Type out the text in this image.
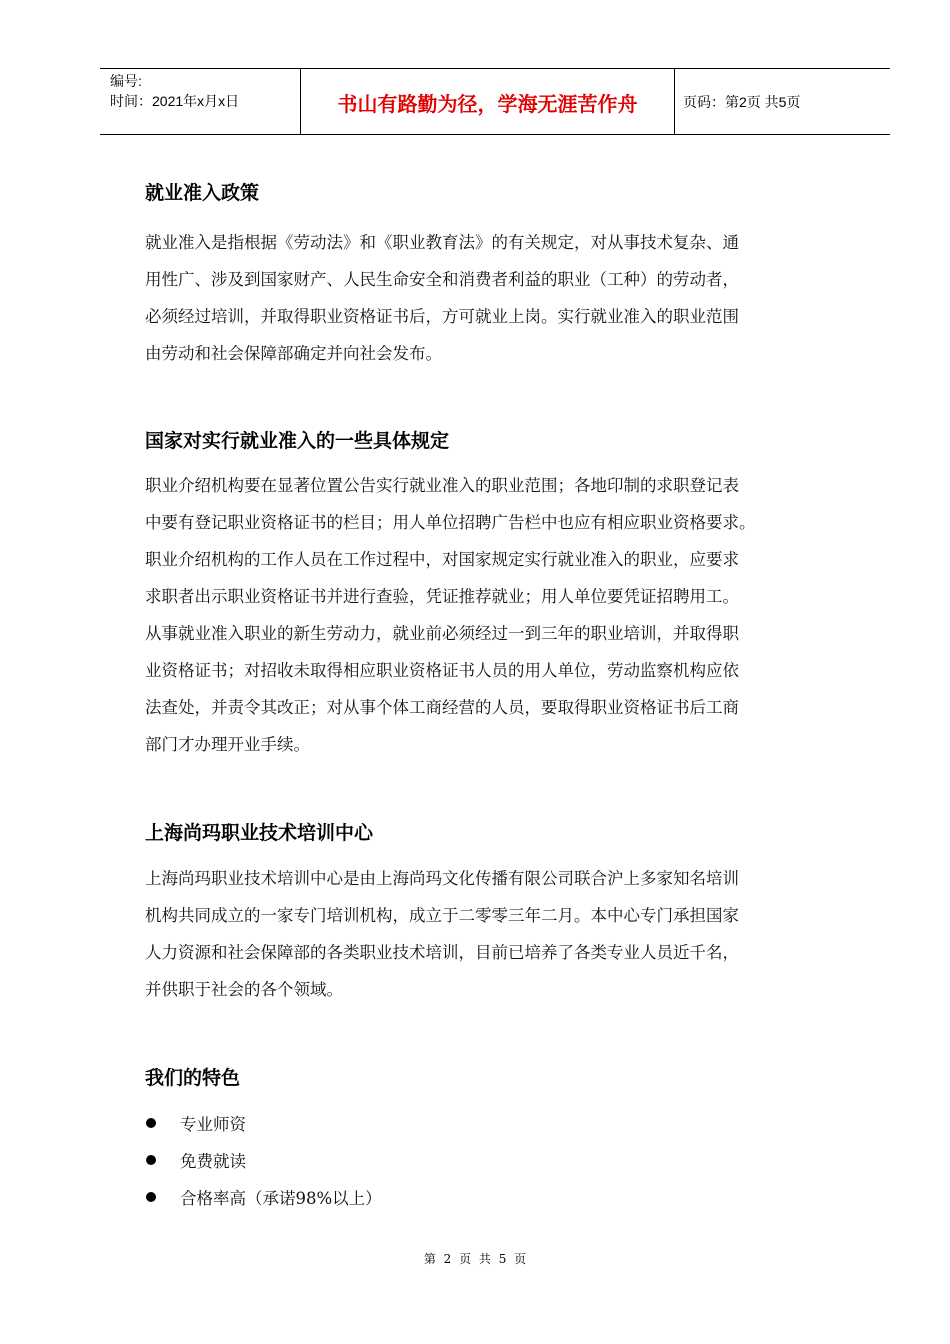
编号:
时间：2021年x月x日	书山有路勤为径，学海无涯苦作舟	页码：第2页 共5页
就业准入政策
就业准入是指根据《劳动法》和《职业教育法》的有关规定，对从事技术复杂、通
用性广、涉及到国家财产、人民生命安全和消费者利益的职业（工种）的劳动者，
必须经过培训，并取得职业资格证书后，方可就业上岗。实行就业准入的职业范围
由劳动和社会保障部确定并向社会发布。
国家对实行就业准入的一些具体规定
职业介绍机构要在显著位置公告实行就业准入的职业范围；各地印制的求职登记表
中要有登记职业资格证书的栏目；用人单位招聘广告栏中也应有相应职业资格要求。
职业介绍机构的工作人员在工作过程中，对国家规定实行就业准入的职业，应要求
求职者出示职业资格证书并进行查验，凭证推荐就业；用人单位要凭证招聘用工。
从事就业准入职业的新生劳动力，就业前必须经过一到三年的职业培训，并取得职
业资格证书；对招收未取得相应职业资格证书人员的用人单位，劳动监察机构应依
法查处，并责令其改正；对从事个体工商经营的人员，要取得职业资格证书后工商
部门才办理开业手续。
上海尚玛职业技术培训中心
上海尚玛职业技术培训中心是由上海尚玛文化传播有限公司联合沪上多家知名培训
机构共同成立的一家专门培训机构，成立于二零零三年二月。本中心专门承担国家
人力资源和社会保障部的各类职业技术培训，目前已培养了各类专业人员近千名，
并供职于社会的各个领域。
我们的特色
专业师资
免费就读
合格率高（承诺98%以上）
第 2 页 共 5 页
